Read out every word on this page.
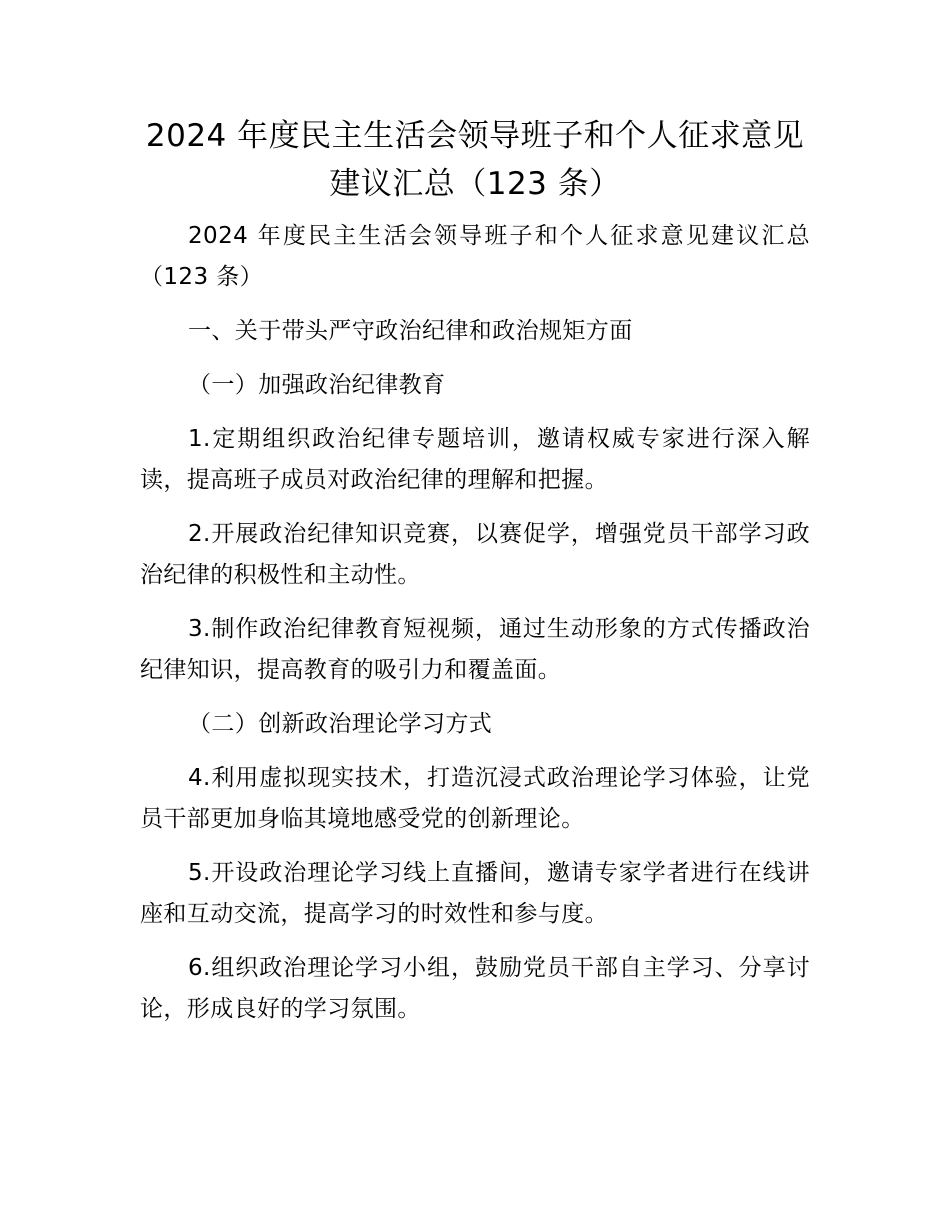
2024 年度民主生活会领导班子和个人征求意见建议汇总（123 条）

2024 年度民主生活会领导班子和个人征求意见建议汇总（123 条）

一、关于带头严守政治纪律和政治规矩方面

（一）加强政治纪律教育

1.定期组织政治纪律专题培训，邀请权威专家进行深入解读，提高班子成员对政治纪律的理解和把握。

2.开展政治纪律知识竞赛，以赛促学，增强党员干部学习政治纪律的积极性和主动性。

3.制作政治纪律教育短视频，通过生动形象的方式传播政治纪律知识，提高教育的吸引力和覆盖面。

（二）创新政治理论学习方式

4.利用虚拟现实技术，打造沉浸式政治理论学习体验，让党员干部更加身临其境地感受党的创新理论。

5.开设政治理论学习线上直播间，邀请专家学者进行在线讲座和互动交流，提高学习的时效性和参与度。

6.组织政治理论学习小组，鼓励党员干部自主学习、分享讨论，形成良好的学习氛围。
